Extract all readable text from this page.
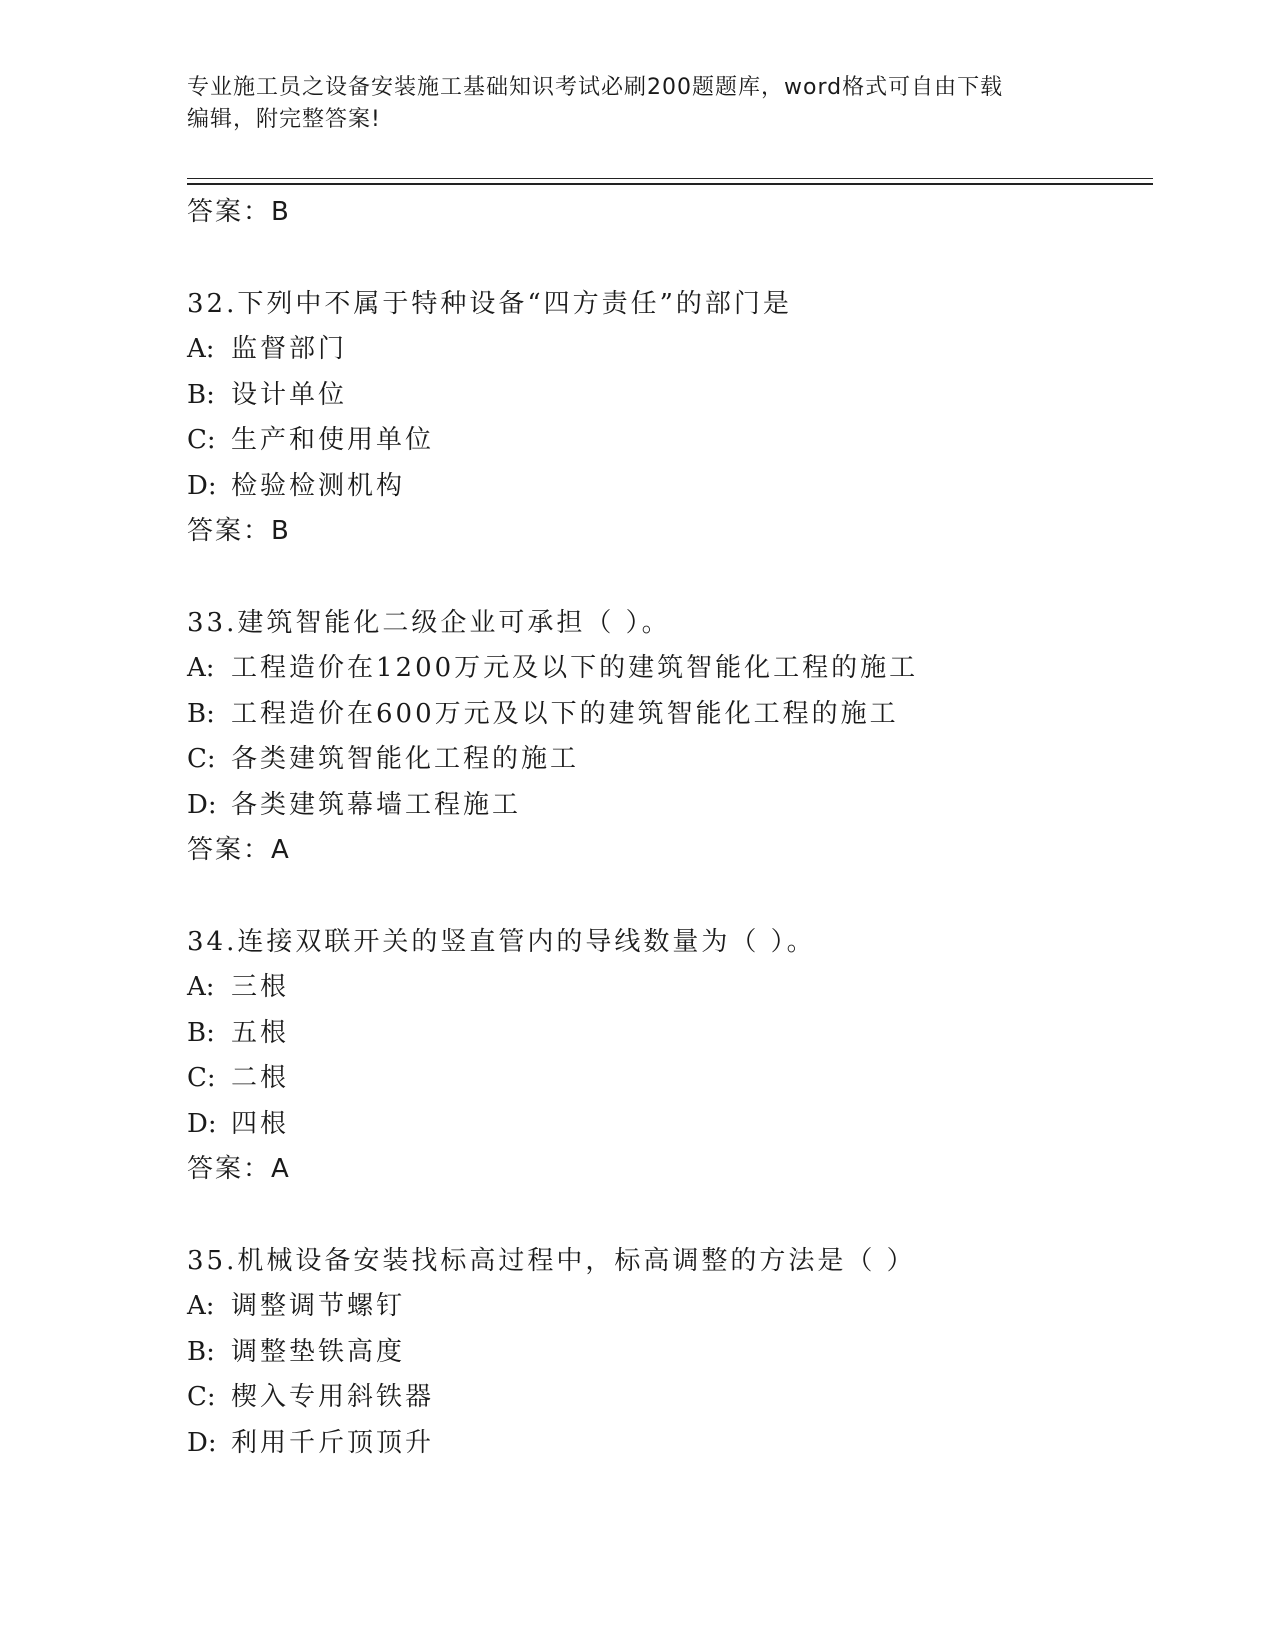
专业施工员之设备安装施工基础知识考试必刷200题题库，word格式可自由下载
编辑，附完整答案!
答案：B
32.下列中不属于特种设备“四方责任”的部门是
A: 监督部门
B: 设计单位
C: 生产和使用单位
D: 检验检测机构
答案：B
33.建筑智能化二级企业可承担（ ）。
A: 工程造价在1200万元及以下的建筑智能化工程的施工
B: 工程造价在600万元及以下的建筑智能化工程的施工
C: 各类建筑智能化工程的施工
D: 各类建筑幕墙工程施工
答案：A
34.连接双联开关的竖直管内的导线数量为（ ）。
A: 三根
B: 五根
C: 二根
D: 四根
答案：A
35.机械设备安装找标高过程中，标高调整的方法是（ ）
A: 调整调节螺钉
B: 调整垫铁高度
C: 楔入专用斜铁器
D: 利用千斤顶顶升
